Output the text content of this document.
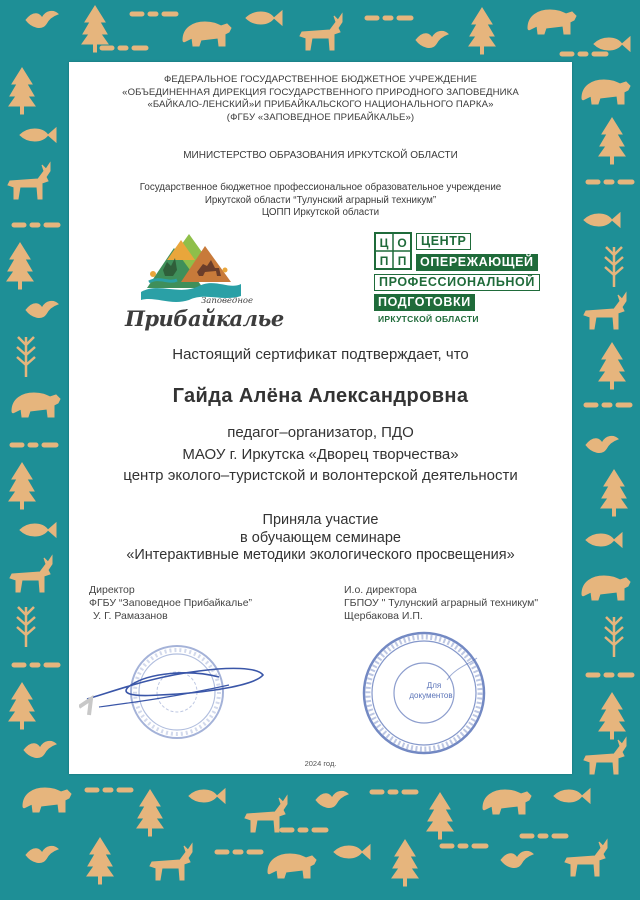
ФЕДЕРАЛЬНОЕ ГОСУДАРСТВЕННОЕ БЮДЖЕТНОЕ УЧРЕЖДЕНИЕ
«ОБЪЕДИНЕННАЯ ДИРЕКЦИЯ ГОСУДАРСТВЕННОГО ПРИРОДНОГО ЗАПОВЕДНИКА
«БАЙКАЛО-ЛЕНСКИЙ»И ПРИБАЙКАЛЬСКОГО НАЦИОНАЛЬНОГО ПАРКА»
(ФГБУ «ЗАПОВЕДНОЕ ПРИБАЙКАЛЬЕ»)
МИНИСТЕРСТВО ОБРАЗОВАНИЯ ИРКУТСКОЙ ОБЛАСТИ
Государственное бюджетное профессиональное образовательное учреждение
Иркутской области “Тулунский аграрный техникум”
ЦОПП Иркутской области
Заповедное
Прибайкалье
Ц О
П П
ЦЕНТР
ОПЕРЕЖАЮЩЕЙ
ПРОФЕССИОНАЛЬНОЙ
ПОДГОТОВКИ
ИРКУТСКОЙ ОБЛАСТИ
Настоящий сертификат подтверждает, что
Гайда Алёна Александровна
педагог–организатор, ПДО
МАОУ г. Иркутска «Дворец творчества»
центр эколого–туристской и волонтерской деятельности
Приняла участие
в обучающем семинаре
«Интерактивные методики экологического просвещения»
Директор
ФГБУ “Заповедное Прибайкалье”
У. Г. Рамазанов
И.о. директора
ГБПОУ " Тулунский аграрный техникум"
Щербакова И.П.
Для
документов
2024 год.
